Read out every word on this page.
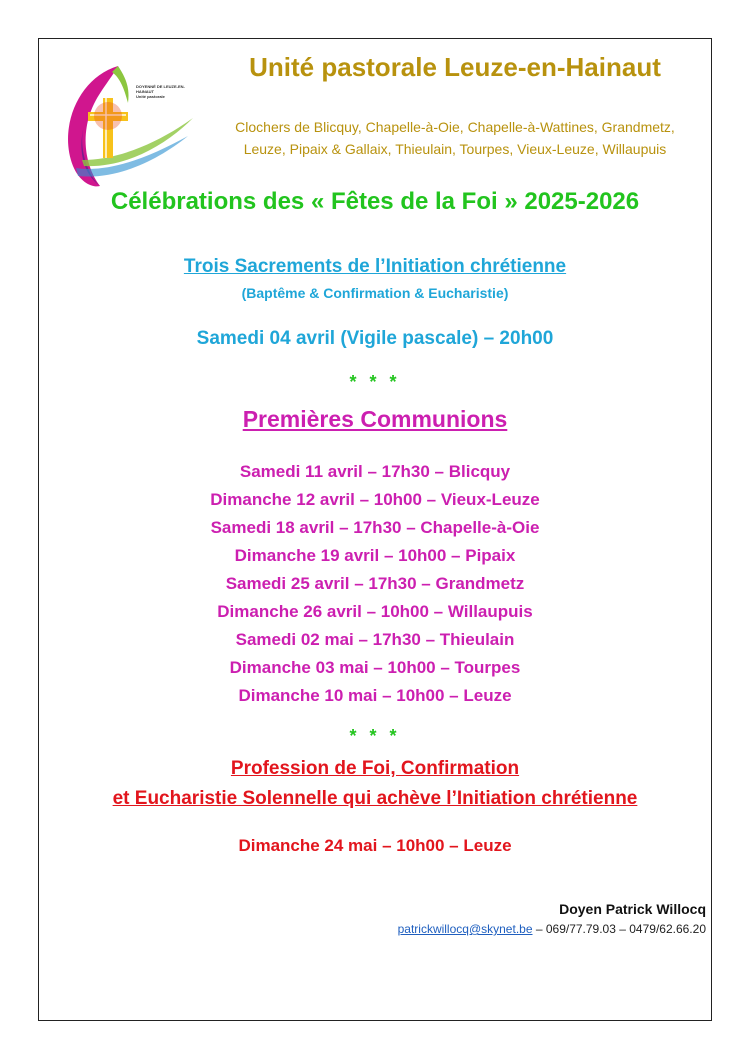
DOYENNÉ DE LEUZE-EN-HAINAUT
Unité pastorale
Unité pastorale Leuze-en-Hainaut
Clochers de Blicquy, Chapelle-à-Oie, Chapelle-à-Wattines, Grandmetz,
Leuze, Pipaix & Gallaix, Thieulain, Tourpes, Vieux-Leuze, Willaupuis
Célébrations des « Fêtes de la Foi » 2025-2026
Trois Sacrements de l’Initiation chrétienne
(Baptême & Confirmation & Eucharistie)
Samedi 04 avril (Vigile pascale) – 20h00
* * *
Premières Communions
Samedi 11 avril – 17h30 – Blicquy
Dimanche 12 avril – 10h00 – Vieux-Leuze
Samedi 18 avril – 17h30 – Chapelle-à-Oie
Dimanche 19 avril – 10h00 – Pipaix
Samedi 25 avril – 17h30 – Grandmetz
Dimanche 26 avril – 10h00 – Willaupuis
Samedi 02 mai – 17h30 – Thieulain
Dimanche 03 mai – 10h00 – Tourpes
Dimanche 10 mai – 10h00 – Leuze
* * *
Profession de Foi, Confirmation
et Eucharistie Solennelle qui achève l’Initiation chrétienne
Dimanche 24 mai – 10h00 – Leuze
Doyen Patrick Willocq
patrickwillocq@skynet.be – 069/77.79.03 – 0479/62.66.20
